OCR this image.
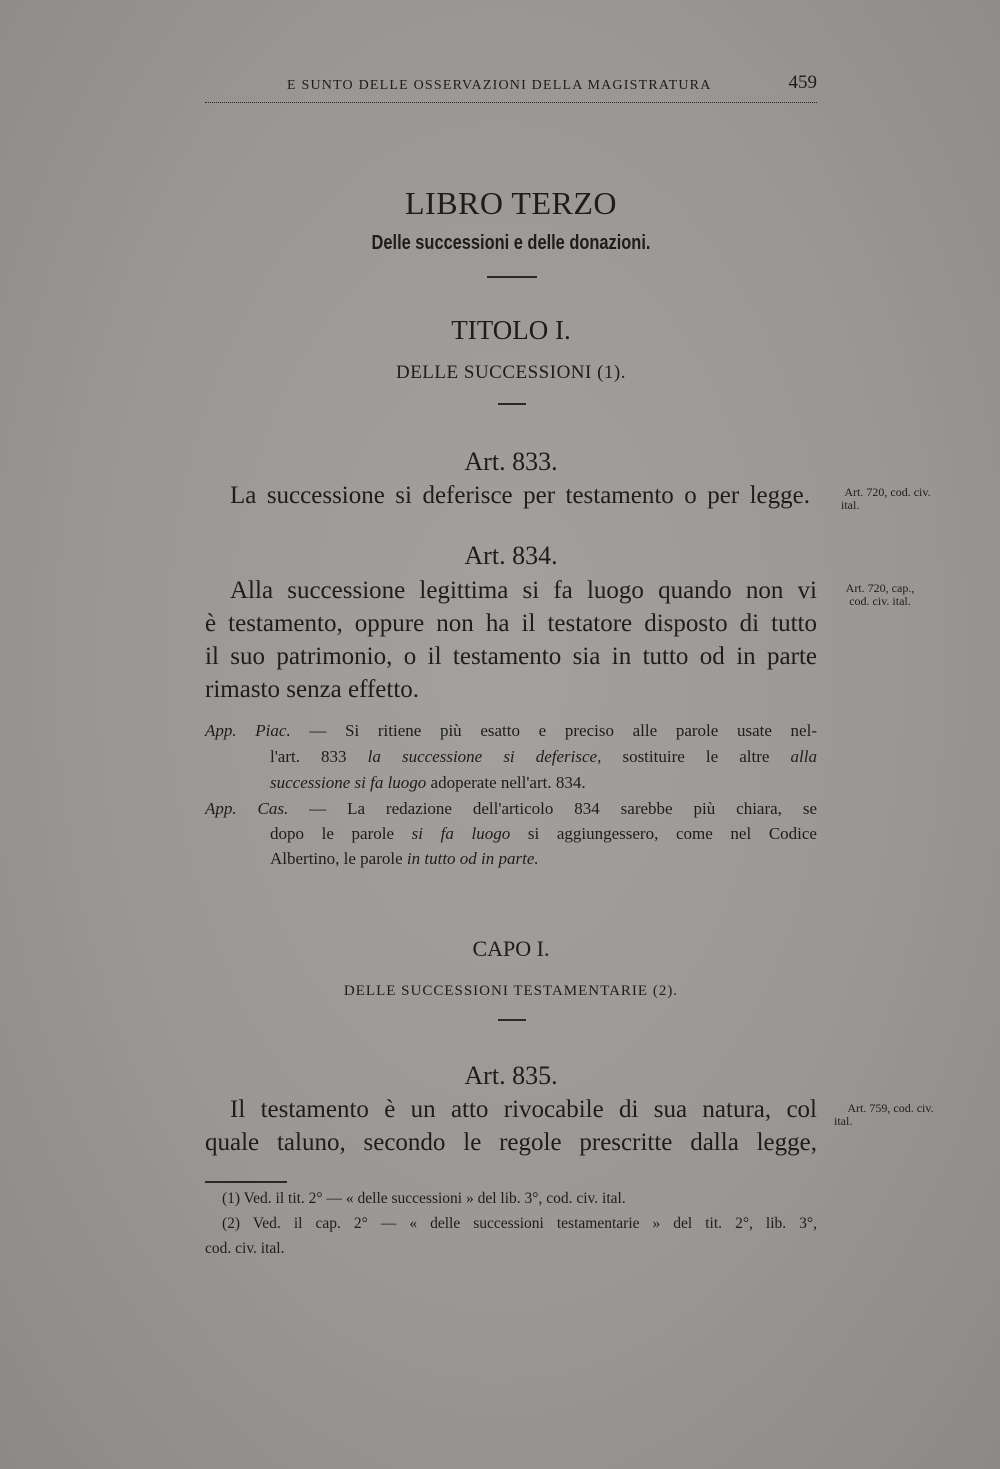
E SUNTO DELLE OSSERVAZIONI DELLA MAGISTRATURA	459
LIBRO TERZO
Delle successioni e delle donazioni.
TITOLO I.
DELLE SUCCESSIONI (1).
Art. 833.
La successione si deferisce per testamento o per legge.	Art. 720, cod. civ.
ital.
Art. 834.
Alla successione legittima si fa luogo quando non vi
è testamento, oppure non ha il testatore disposto di tutto
il suo patrimonio, o il testamento sia in tutto od in parte
rimasto senza effetto.
Art. 720, cap.,
cod. civ. ital.
App. Piac. — Si ritiene più esatto e preciso alle parole usate nel-
l'art. 833 la successione si deferisce, sostituire le altre alla
successione si fa luogo adoperate nell'art. 834.
App. Cas. — La redazione dell'articolo 834 sarebbe più chiara, se
dopo le parole si fa luogo si aggiungessero, come nel Codice
Albertino, le parole in tutto od in parte.
CAPO I.
DELLE SUCCESSIONI TESTAMENTARIE (2).
Art. 835.
Il testamento è un atto rivocabile di sua natura, col
quale taluno, secondo le regole prescritte dalla legge,
Art. 759, cod. civ.
ital.
(1) Ved. il tit. 2° — « delle successioni » del lib. 3°, cod. civ. ital.
(2) Ved. il cap. 2° — « delle successioni testamentarie » del tit. 2°, lib. 3°,
cod. civ. ital.
